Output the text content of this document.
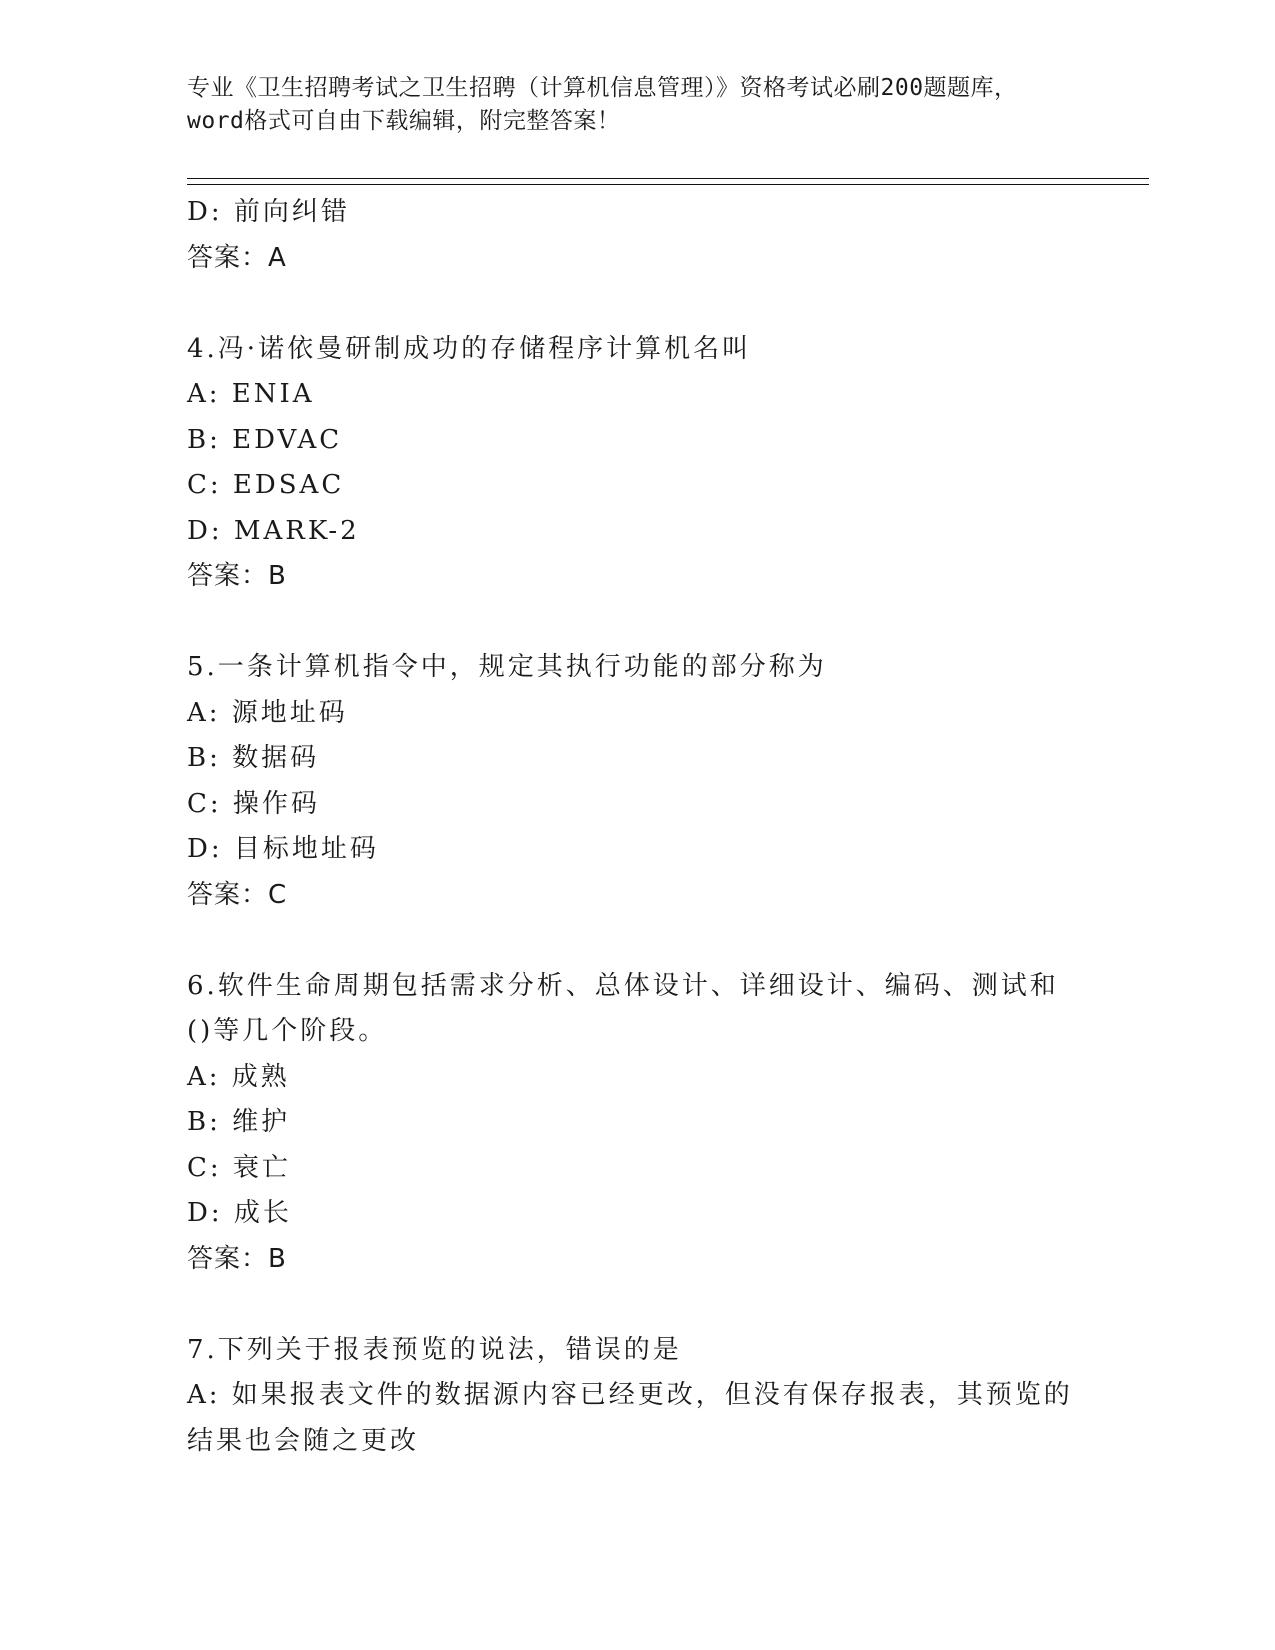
专业《卫生招聘考试之卫生招聘（计算机信息管理）》资格考试必刷200题题库，
word格式可自由下载编辑，附完整答案！
D: 前向纠错
答案：A
4.冯·诺依曼研制成功的存储程序计算机名叫
A: ENIA
B: EDVAC
C: EDSAC
D: MARK-2
答案：B
5.一条计算机指令中，规定其执行功能的部分称为
A: 源地址码
B: 数据码
C: 操作码
D: 目标地址码
答案：C
6.软件生命周期包括需求分析、总体设计、详细设计、编码、测试和
()等几个阶段。
A: 成熟
B: 维护
C: 衰亡
D: 成长
答案：B
7.下列关于报表预览的说法，错误的是
A: 如果报表文件的数据源内容已经更改，但没有保存报表，其预览的
结果也会随之更改
